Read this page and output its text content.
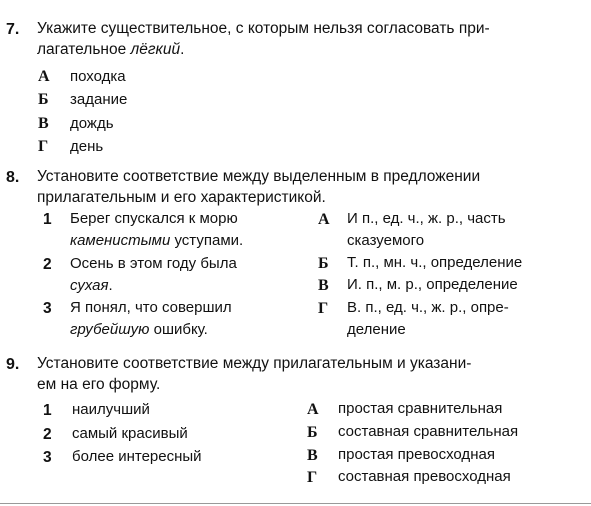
7. Укажите существительное, с которым нельзя согласовать при-
лагательное лёгкий.
А походка
Б задание
В дождь
Г день
8. Установите соответствие между выделенным в предложении
прилагательным и его характеристикой.
1 Берег спускался к морю
каменистыми уступами.
2 Осень в этом году была
сухая.
3 Я понял, что совершил
грубейшую ошибку.
А И п., ед. ч., ж. р., часть
сказуемого
Б Т. п., мн. ч., определение
В И. п., м. р., определение
Г В. п., ед. ч., ж. р., опре-
деление
9. Установите соответствие между прилагательным и указани-
ем на его форму.
1 наилучший
2 самый красивый
3 более интересный
А простая сравнительная
Б составная сравнительная
В простая превосходная
Г составная превосходная
